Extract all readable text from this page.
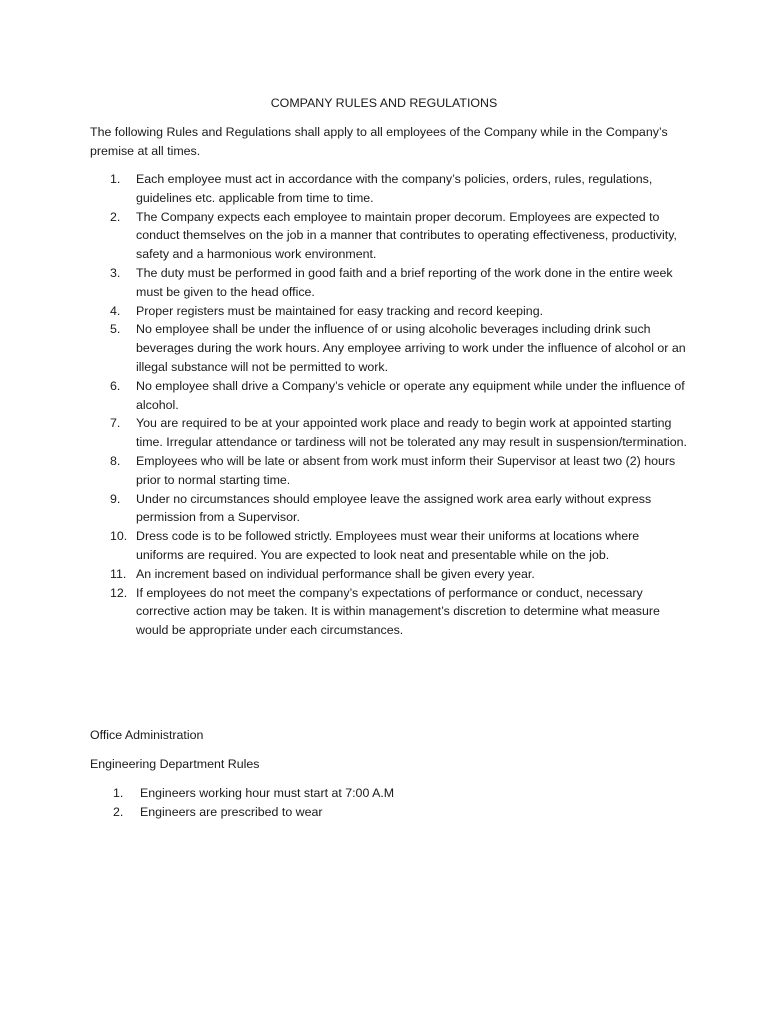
COMPANY RULES AND REGULATIONS
The following Rules and Regulations shall apply to all employees of the Company while in the Company’s premise at all times.
1. Each employee must act in accordance with the company’s policies, orders, rules, regulations, guidelines etc. applicable from time to time.
2. The Company expects each employee to maintain proper decorum. Employees are expected to conduct themselves on the job in a manner that contributes to operating effectiveness, productivity, safety and a harmonious work environment.
3. The duty must be performed in good faith and a brief reporting of the work done in the entire week must be given to the head office.
4. Proper registers must be maintained for easy tracking and record keeping.
5. No employee shall be under the influence of or using alcoholic beverages including drink such beverages during the work hours. Any employee arriving to work under the influence of alcohol or an illegal substance will not be permitted to work.
6. No employee shall drive a Company’s vehicle or operate any equipment while under the influence of alcohol.
7. You are required to be at your appointed work place and ready to begin work at appointed starting time. Irregular attendance or tardiness will not be tolerated any may result in suspension/termination.
8. Employees who will be late or absent from work must inform their Supervisor at least two (2) hours prior to normal starting time.
9. Under no circumstances should employee leave the assigned work area early without express permission from a Supervisor.
10. Dress code is to be followed strictly. Employees must wear their uniforms at locations where uniforms are required. You are expected to look neat and presentable while on the job.
11. An increment based on individual performance shall be given every year.
12. If employees do not meet the company’s expectations of performance or conduct, necessary corrective action may be taken. It is within management’s discretion to determine what measure would be appropriate under each circumstances.
Office Administration
Engineering Department Rules
1. Engineers working hour must start at 7:00 A.M
2. Engineers are prescribed to wear
